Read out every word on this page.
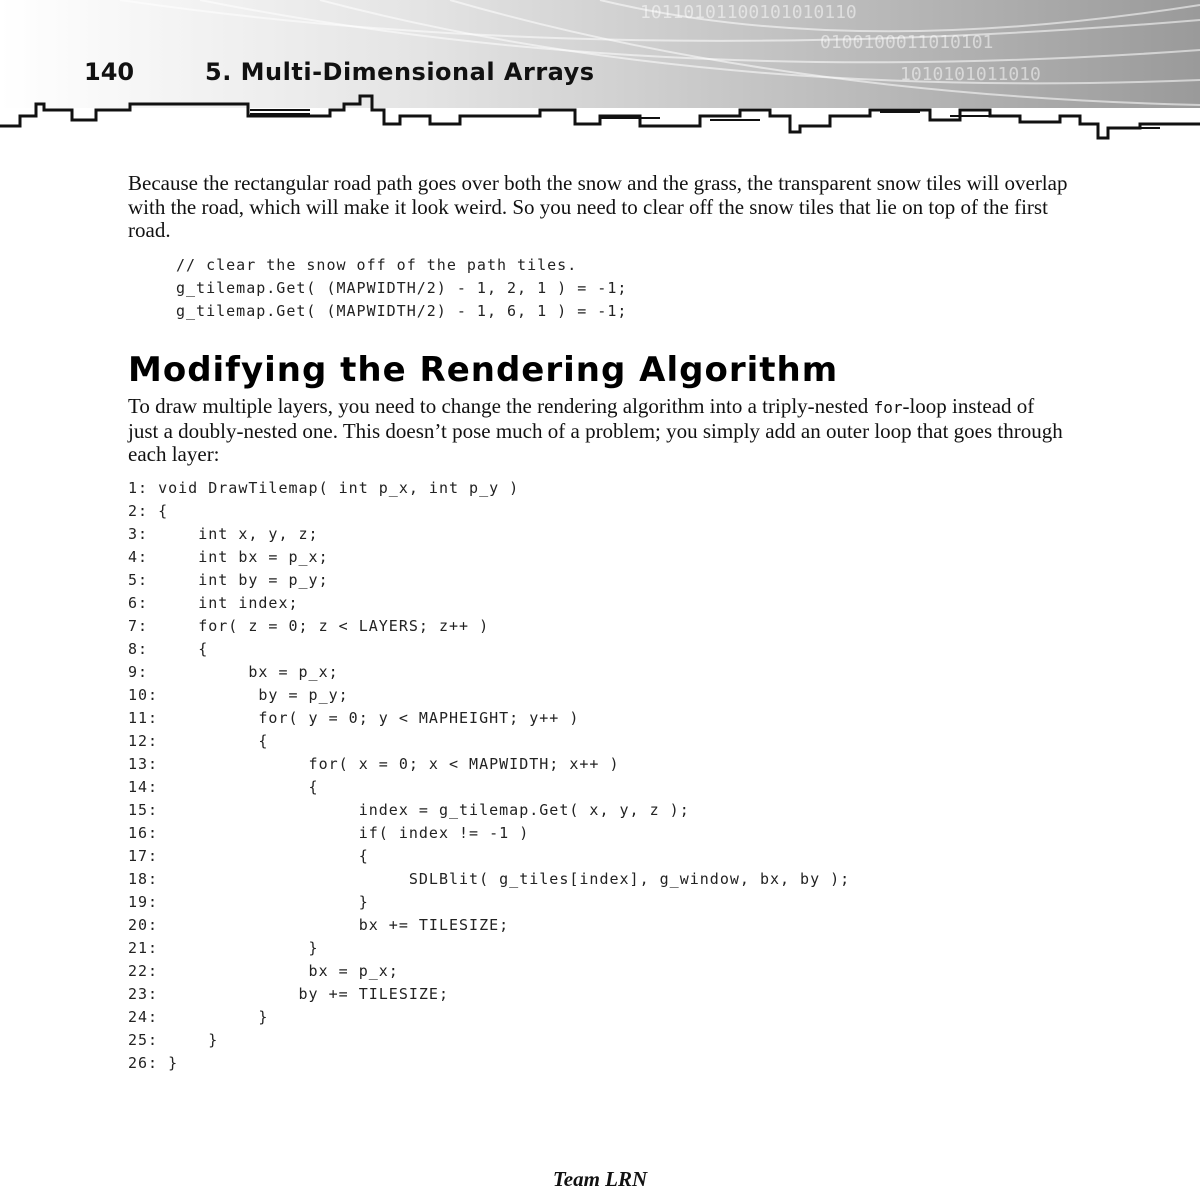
10110101100101010110
0100100011010101
1010101011010
140	5. Multi-Dimensional Arrays

Because the rectangular road path goes over both the snow and the grass, the transparent snow tiles will overlap with the road, which will make it look weird. So you need to clear off the snow tiles that lie on top of the first road.

// clear the snow off of the path tiles.
g_tilemap.Get( (MAPWIDTH/2) - 1, 2, 1 ) = -1;
g_tilemap.Get( (MAPWIDTH/2) - 1, 6, 1 ) = -1;
Modifying the Rendering Algorithm

To draw multiple layers, you need to change the rendering algorithm into a triply-nested for-loop instead of just a doubly-nested one. This doesn’t pose much of a problem; you simply add an outer loop that goes through each layer:

1: void DrawTilemap( int p_x, int p_y )
2: {
3:     int x, y, z;
4:     int bx = p_x;
5:     int by = p_y;
6:     int index;
7:     for( z = 0; z < LAYERS; z++ )
8:     {
9:          bx = p_x;
10:          by = p_y;
11:          for( y = 0; y < MAPHEIGHT; y++ )
12:          {
13:               for( x = 0; x < MAPWIDTH; x++ )
14:               {
15:                    index = g_tilemap.Get( x, y, z );
16:                    if( index != -1 )
17:                    {
18:                         SDLBlit( g_tiles[index], g_window, bx, by );
19:                    }
20:                    bx += TILESIZE;
21:               }
22:               bx = p_x;
23:              by += TILESIZE;
24:          }
25:     }
26: }
Team LRN
